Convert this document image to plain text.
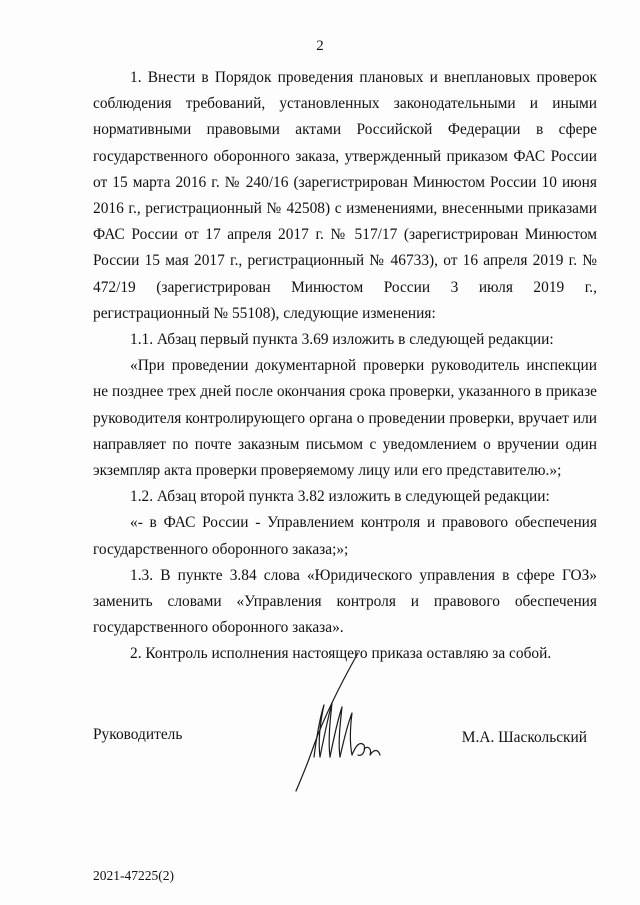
2

1. Внести в Порядок проведения плановых и внеплановых проверок соблюдения требований, установленных законодательными и иными нормативными правовыми актами Российской Федерации в сфере государственного оборонного заказа, утвержденный приказом ФАС России от 15 марта 2016 г. № 240/16 (зарегистрирован Минюстом России 10 июня 2016 г., регистрационный № 42508) с изменениями, внесенными приказами ФАС России от 17 апреля 2017 г. № 517/17 (зарегистрирован Минюстом России 15 мая 2017 г., регистрационный № 46733), от 16 апреля 2019 г. № 472/19 (зарегистрирован Минюстом России 3 июля 2019 г., регистрационный № 55108), следующие изменения:

1.1. Абзац первый пункта 3.69 изложить в следующей редакции:

«При проведении документарной проверки руководитель инспекции не позднее трех дней после окончания срока проверки, указанного в приказе руководителя контролирующего органа о проведении проверки, вручает или направляет по почте заказным письмом с уведомлением о вручении один экземпляр акта проверки проверяемому лицу или его представителю.»;

1.2. Абзац второй пункта 3.82 изложить в следующей редакции:

«- в ФАС России - Управлением контроля и правового обеспечения государственного оборонного заказа;»;

1.3. В пункте 3.84 слова «Юридического управления в сфере ГОЗ» заменить словами «Управления контроля и правового обеспечения государственного оборонного заказа».

2. Контроль исполнения настоящего приказа оставляю за собой.

Руководитель	М.А. Шаскольский
2021-47225(2)
